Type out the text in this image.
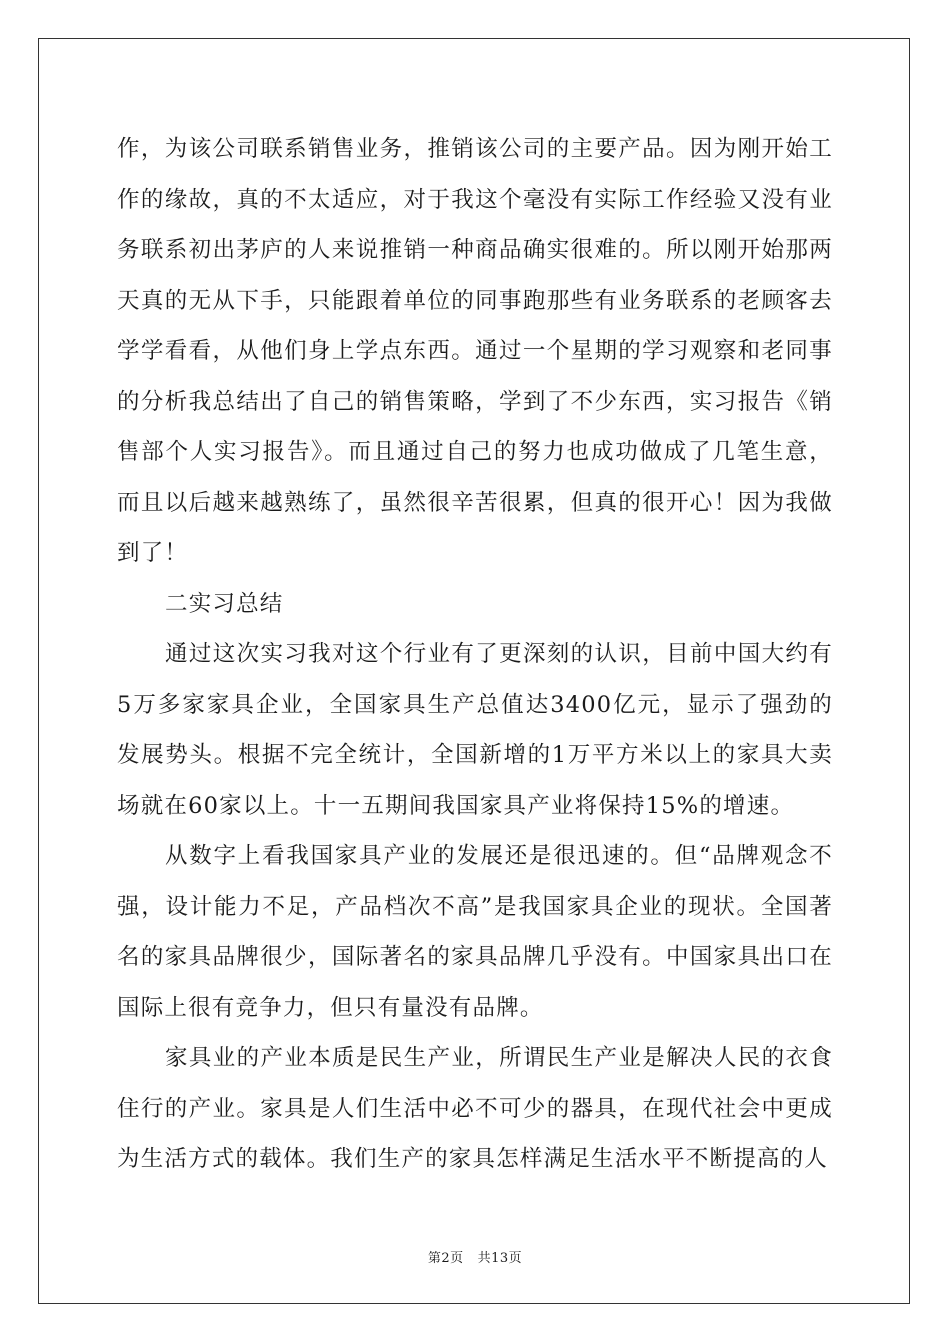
作，为该公司联系销售业务，推销该公司的主要产品。因为刚开始工作的缘故，真的不太适应，对于我这个毫没有实际工作经验又没有业务联系初出茅庐的人来说推销一种商品确实很难的。所以刚开始那两天真的无从下手，只能跟着单位的同事跑那些有业务联系的老顾客去学学看看，从他们身上学点东西。通过一个星期的学习观察和老同事的分析我总结出了自己的销售策略，学到了不少东西，实习报告《销售部个人实习报告》。而且通过自己的努力也成功做成了几笔生意，而且以后越来越熟练了，虽然很辛苦很累，但真的很开心！因为我做到了！

二实习总结

通过这次实习我对这个行业有了更深刻的认识，目前中国大约有5万多家家具企业，全国家具生产总值达3400亿元，显示了强劲的发展势头。根据不完全统计，全国新增的1万平方米以上的家具大卖场就在60家以上。十一五期间我国家具产业将保持15%的增速。

从数字上看我国家具产业的发展还是很迅速的。但“品牌观念不强，设计能力不足，产品档次不高”是我国家具企业的现状。全国著名的家具品牌很少，国际著名的家具品牌几乎没有。中国家具出口在国际上很有竞争力，但只有量没有品牌。

家具业的产业本质是民生产业，所谓民生产业是解决人民的衣食住行的产业。家具是人们生活中必不可少的器具，在现代社会中更成为生活方式的载体。我们生产的家具怎样满足生活水平不断提高的人

第2页 共13页
